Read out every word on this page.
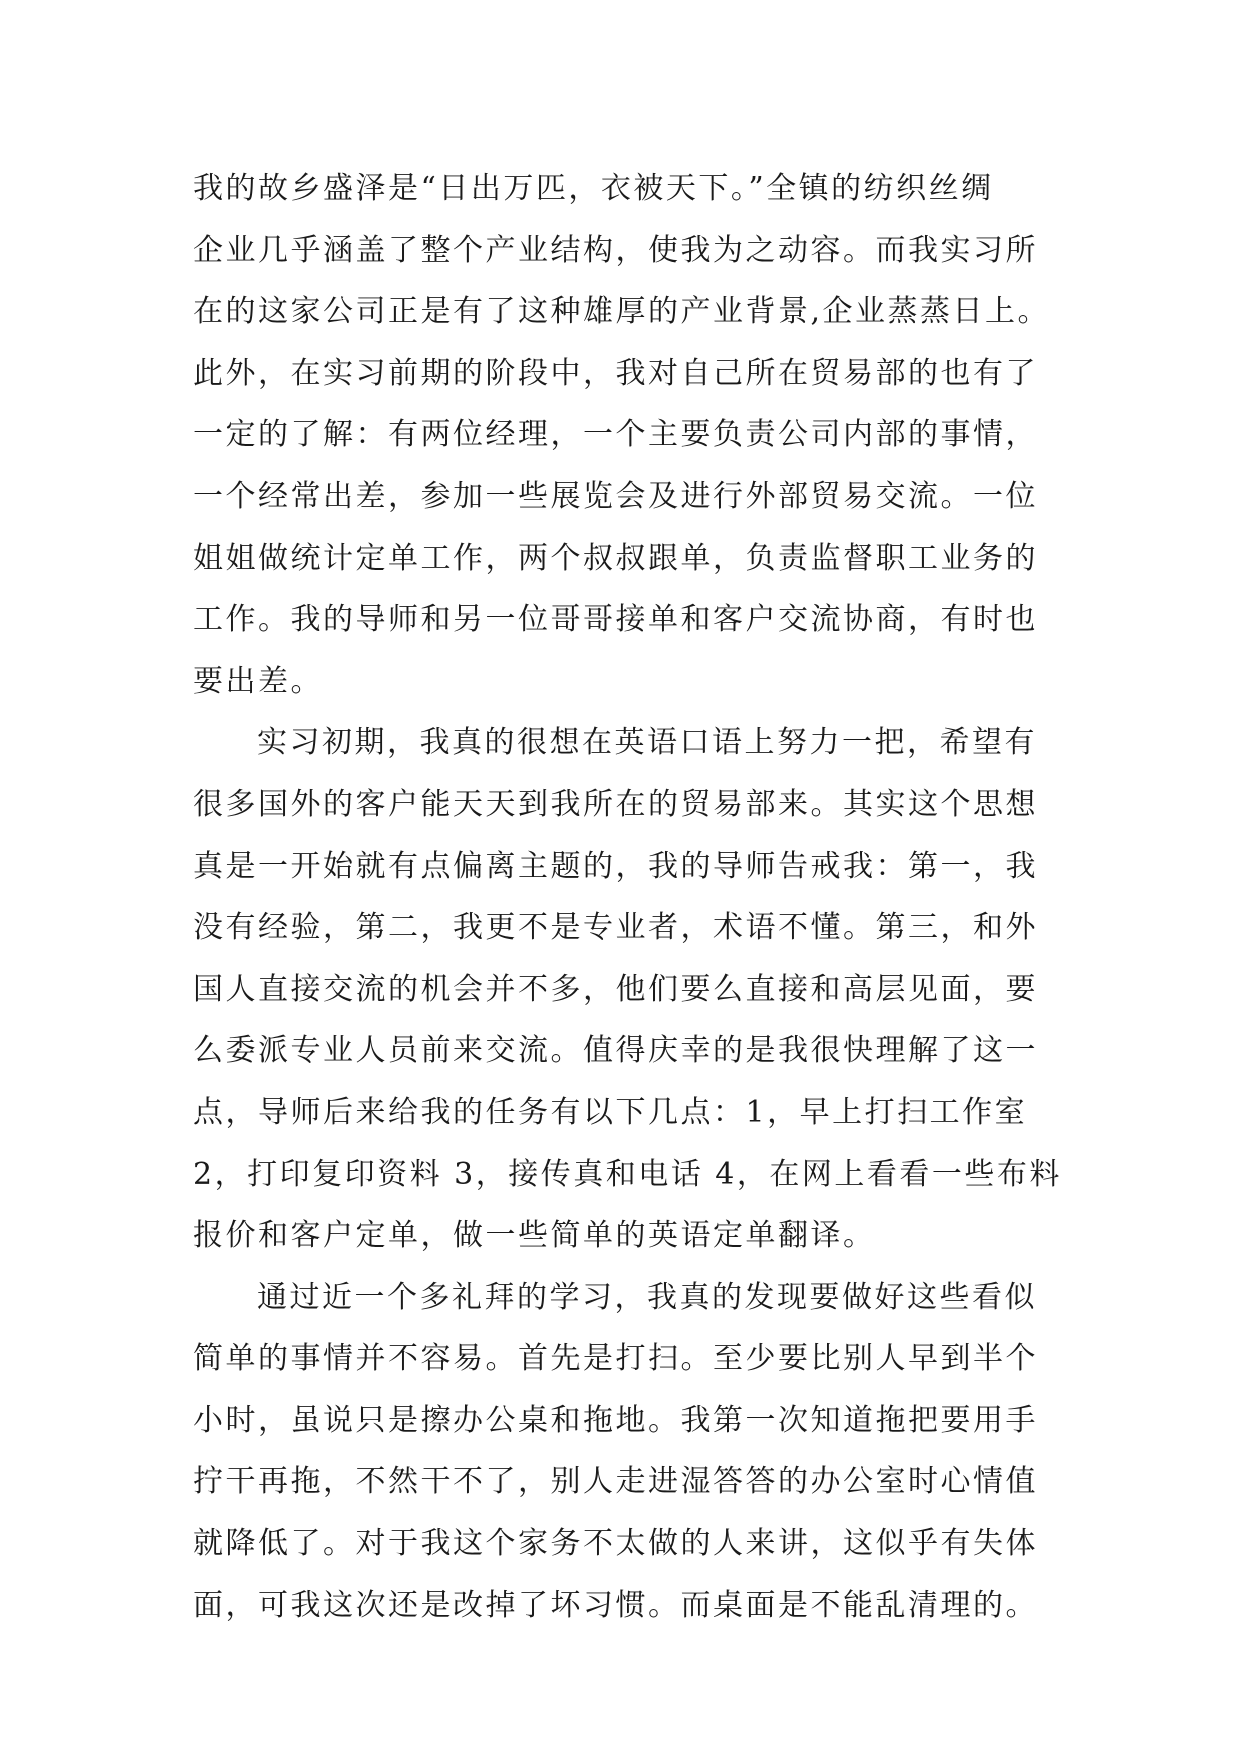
我的故乡盛泽是“日出万匹，衣被天下。”全镇的纺织丝绸
企业几乎涵盖了整个产业结构，使我为之动容。而我实习所
在的这家公司正是有了这种雄厚的产业背景,企业蒸蒸日上。
此外，在实习前期的阶段中，我对自己所在贸易部的也有了
一定的了解：有两位经理，一个主要负责公司内部的事情，
一个经常出差，参加一些展览会及进行外部贸易交流。一位
姐姐做统计定单工作，两个叔叔跟单，负责监督职工业务的
工作。我的导师和另一位哥哥接单和客户交流协商，有时也
要出差。
实习初期，我真的很想在英语口语上努力一把，希望有
很多国外的客户能天天到我所在的贸易部来。其实这个思想
真是一开始就有点偏离主题的，我的导师告戒我：第一，我
没有经验，第二，我更不是专业者，术语不懂。第三，和外
国人直接交流的机会并不多，他们要么直接和高层见面，要
么委派专业人员前来交流。值得庆幸的是我很快理解了这一
点，导师后来给我的任务有以下几点：1，早上打扫工作室
2，打印复印资料 3，接传真和电话 4，在网上看看一些布料
报价和客户定单，做一些简单的英语定单翻译。
通过近一个多礼拜的学习，我真的发现要做好这些看似
简单的事情并不容易。首先是打扫。至少要比别人早到半个
小时，虽说只是擦办公桌和拖地。我第一次知道拖把要用手
拧干再拖，不然干不了，别人走进湿答答的办公室时心情值
就降低了。对于我这个家务不太做的人来讲，这似乎有失体
面，可我这次还是改掉了坏习惯。而桌面是不能乱清理的。
